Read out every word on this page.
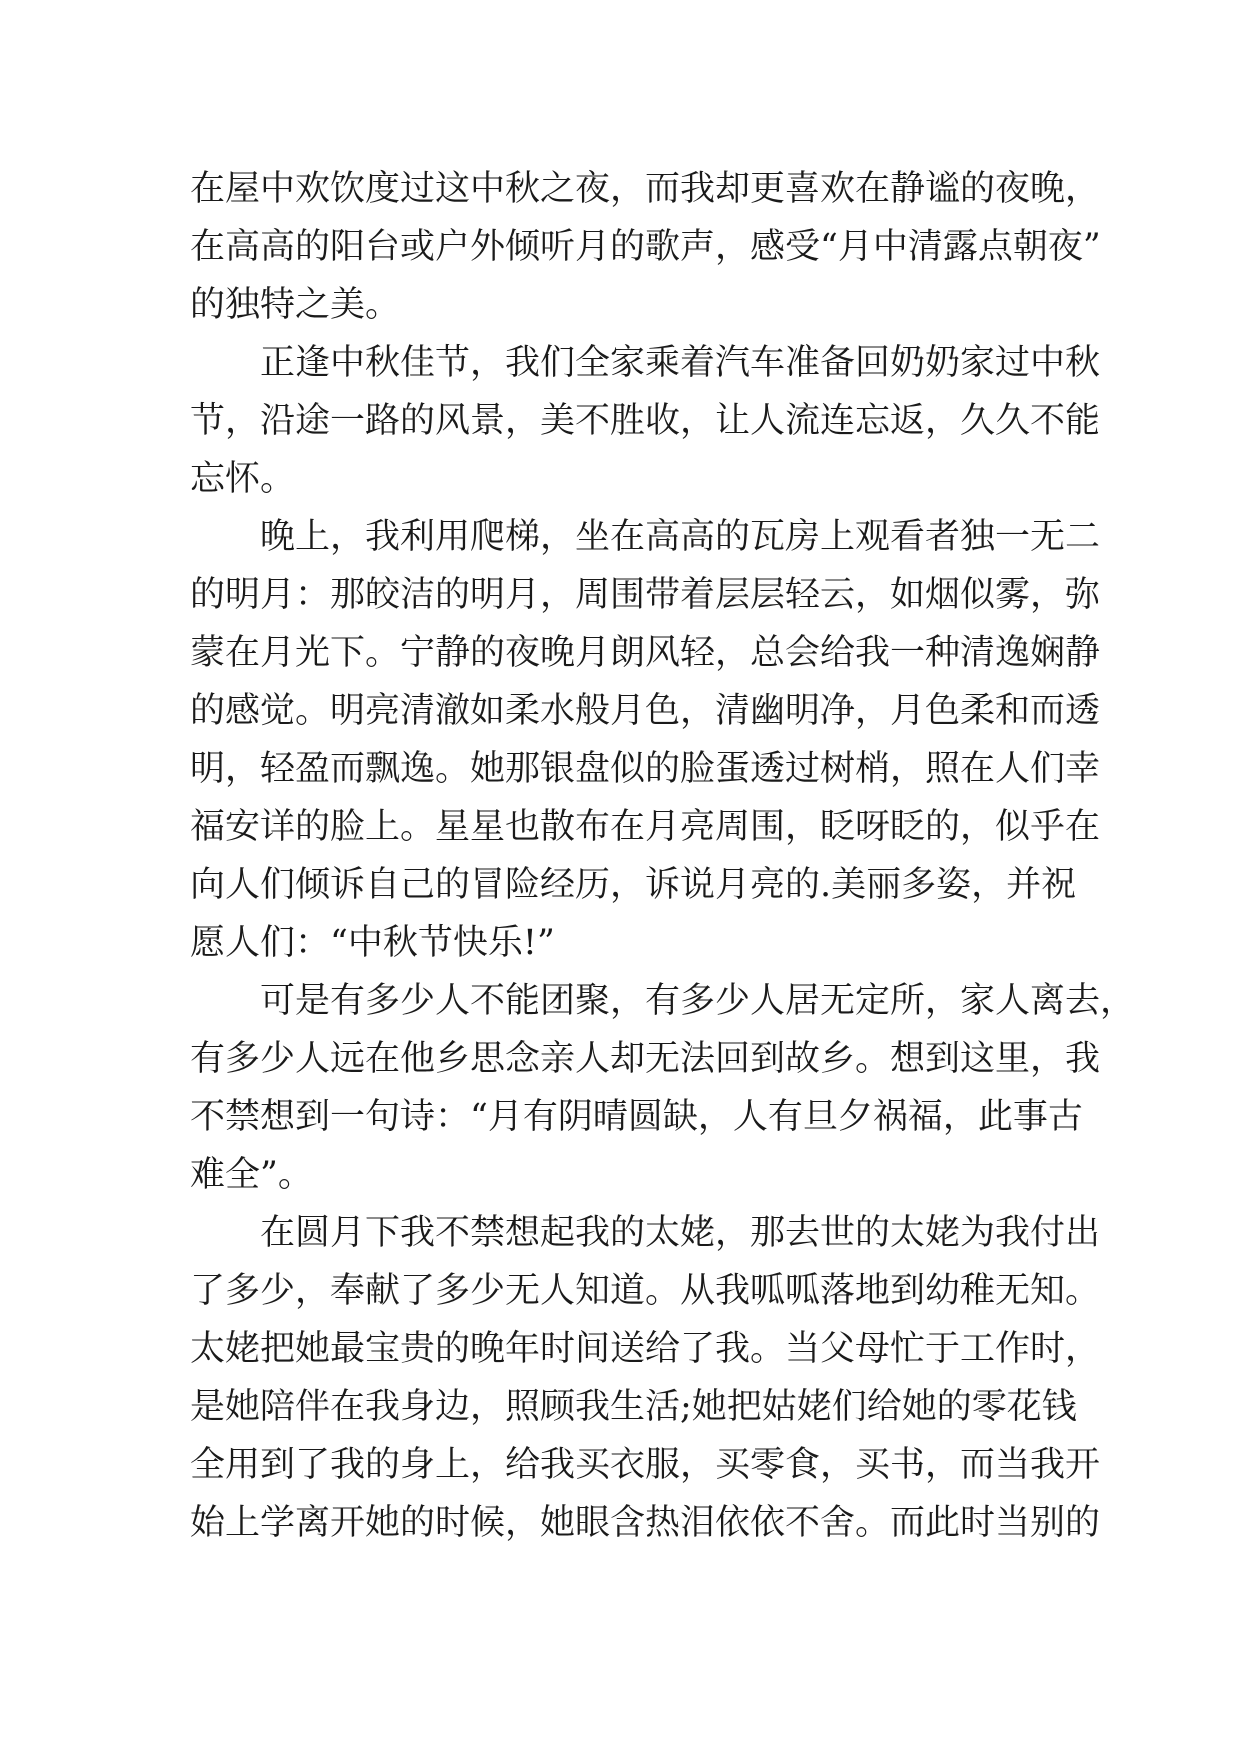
在屋中欢饮度过这中秋之夜，而我却更喜欢在静谧的夜晚，
在高高的阳台或户外倾听月的歌声，感受“月中清露点朝夜”
的独特之美。
正逢中秋佳节，我们全家乘着汽车准备回奶奶家过中秋
节，沿途一路的风景，美不胜收，让人流连忘返，久久不能
忘怀。
晚上，我利用爬梯，坐在高高的瓦房上观看者独一无二
的明月：那皎洁的明月，周围带着层层轻云，如烟似雾，弥
蒙在月光下。宁静的夜晚月朗风轻，总会给我一种清逸娴静
的感觉。明亮清澈如柔水般月色，清幽明净，月色柔和而透
明，轻盈而飘逸。她那银盘似的脸蛋透过树梢，照在人们幸
福安详的脸上。星星也散布在月亮周围，眨呀眨的，似乎在
向人们倾诉自己的冒险经历，诉说月亮的.美丽多姿，并祝
愿人们：“中秋节快乐!”
可是有多少人不能团聚，有多少人居无定所，家人离去，
有多少人远在他乡思念亲人却无法回到故乡。想到这里，我
不禁想到一句诗：“月有阴晴圆缺，人有旦夕祸福，此事古
难全”。
在圆月下我不禁想起我的太姥，那去世的太姥为我付出
了多少，奉献了多少无人知道。从我呱呱落地到幼稚无知。
太姥把她最宝贵的晚年时间送给了我。当父母忙于工作时，
是她陪伴在我身边，照顾我生活;她把姑姥们给她的零花钱
全用到了我的身上，给我买衣服，买零食，买书，而当我开
始上学离开她的时候，她眼含热泪依依不舍。而此时当别的
